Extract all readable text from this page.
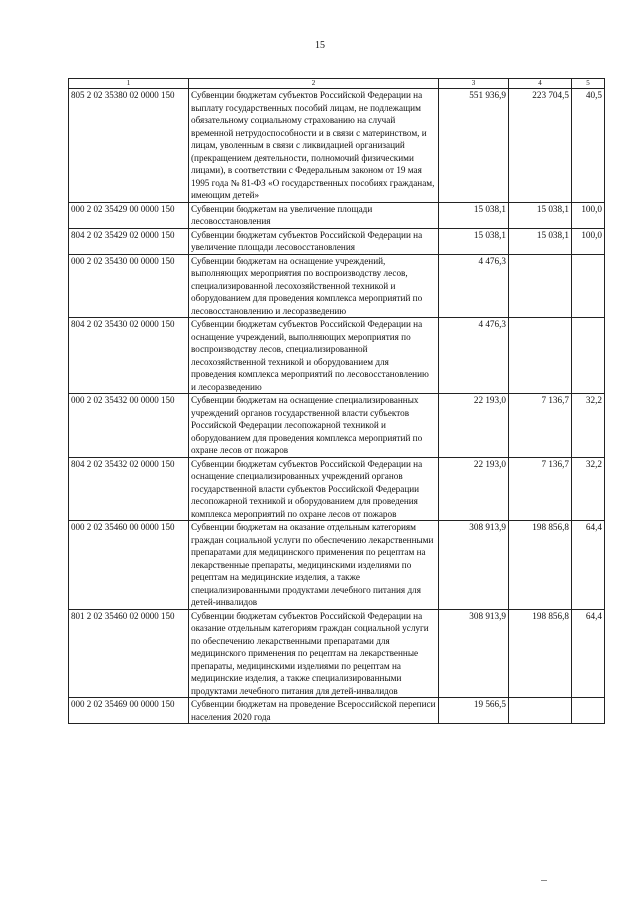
15
1	2	3	4	5
805 2 02 35380 02 0000 150	Субвенции бюджетам субъектов Российской Федерации на выплату государственных пособий лицам, не подлежащим обязательному социальному страхованию на случай временной нетрудоспособности и в связи с материнством, и лицам, уволенным в связи с ликвидацией организаций (прекращением деятельности, полномочий физическими лицами), в соответствии с Федеральным законом от 19 мая 1995 года № 81-ФЗ «О государственных пособиях гражданам, имеющим детей»	551 936,9	223 704,5	40,5
000 2 02 35429 00 0000 150	Субвенции бюджетам на увеличение площади лесовосстановления	15 038,1	15 038,1	100,0
804 2 02 35429 02 0000 150	Субвенции бюджетам субъектов Российской Федерации на увеличение площади лесовосстановления	15 038,1	15 038,1	100,0
000 2 02 35430 00 0000 150	Субвенции бюджетам на оснащение учреждений, выполняющих мероприятия по воспроизводству лесов, специализированной лесохозяйственной техникой и оборудованием для проведения комплекса мероприятий по лесовосстановлению и лесоразведению	4 476,3		
804 2 02 35430 02 0000 150	Субвенции бюджетам субъектов Российской Федерации на оснащение учреждений, выполняющих мероприятия по воспроизводству лесов, специализированной лесохозяйственной техникой и оборудованием для проведения комплекса мероприятий по лесовосстановлению и лесоразведению	4 476,3		
000 2 02 35432 00 0000 150	Субвенции бюджетам на оснащение специализированных учреждений органов государственной власти субъектов Российской Федерации лесопожарной техникой и оборудованием для проведения комплекса мероприятий по охране лесов от пожаров	22 193,0	7 136,7	32,2
804 2 02 35432 02 0000 150	Субвенции бюджетам субъектов Российской Федерации на оснащение специализированных учреждений органов государственной власти субъектов Российской Федерации лесопожарной техникой и оборудованием для проведения комплекса мероприятий по охране лесов от пожаров	22 193,0	7 136,7	32,2
000 2 02 35460 00 0000 150	Субвенции бюджетам на оказание отдельным категориям граждан социальной услуги по обеспечению лекарственными препаратами для медицинского применения по рецептам на лекарственные препараты, медицинскими изделиями по рецептам на медицинские изделия, а также специализированными продуктами лечебного питания для детей-инвалидов	308 913,9	198 856,8	64,4
801 2 02 35460 02 0000 150	Субвенции бюджетам субъектов Российской Федерации на оказание отдельным категориям граждан социальной услуги по обеспечению лекарственными препаратами для медицинского применения по рецептам на лекарственные препараты, медицинскими изделиями по рецептам на медицинские изделия, а также специализированными продуктами лечебного питания для детей-инвалидов	308 913,9	198 856,8	64,4
000 2 02 35469 00 0000 150	Субвенции бюджетам на проведение Всероссийской переписи населения 2020 года	19 566,5		
